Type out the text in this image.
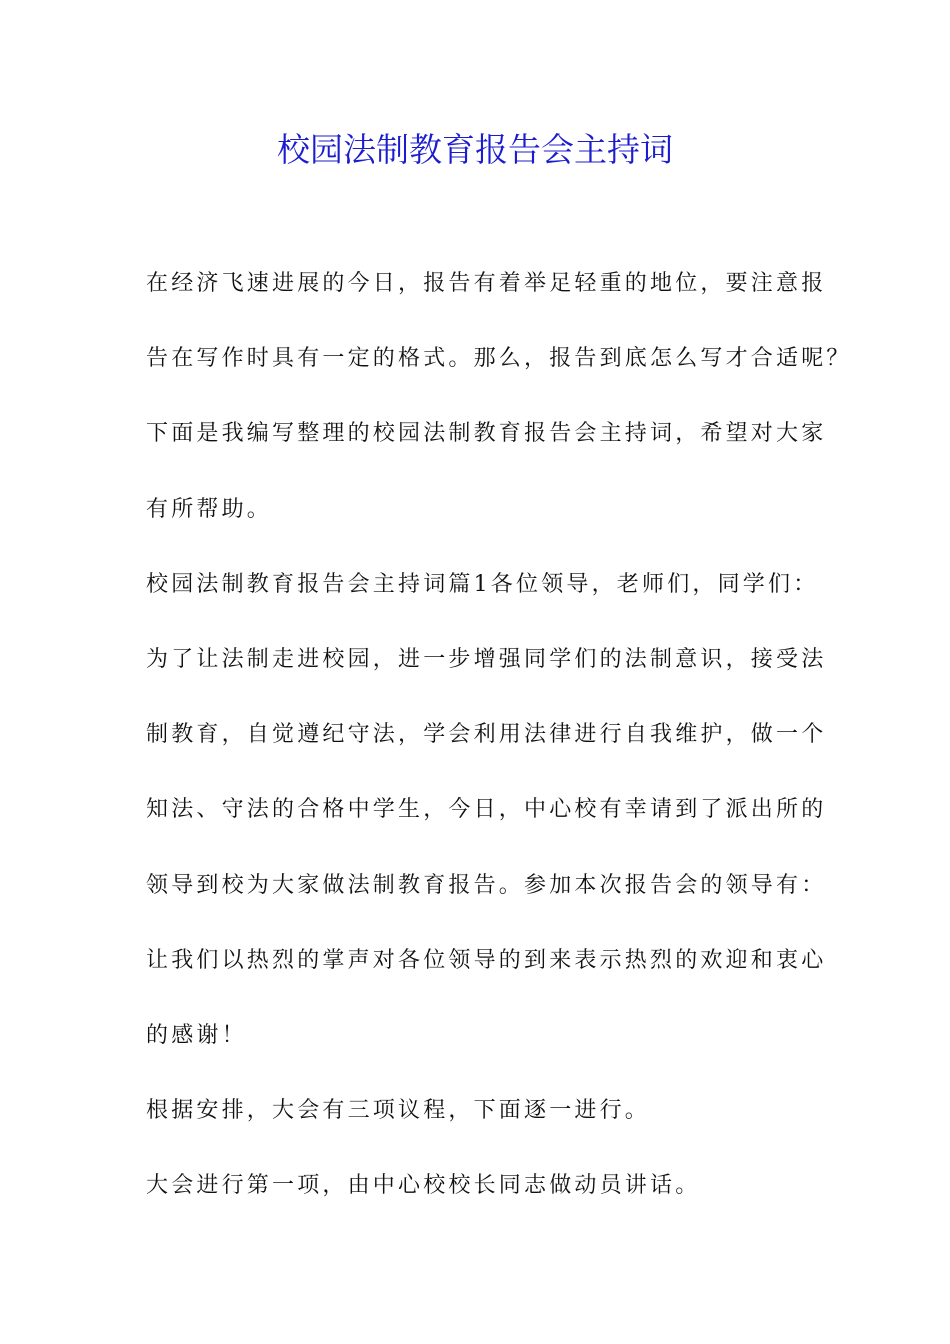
校园法制教育报告会主持词
在经济飞速进展的今日，报告有着举足轻重的地位，要注意报
告在写作时具有一定的格式。那么，报告到底怎么写才合适呢？
下面是我编写整理的校园法制教育报告会主持词，希望对大家
有所帮助。
校园法制教育报告会主持词篇1各位领导，老师们，同学们：
为了让法制走进校园，进一步增强同学们的法制意识，接受法
制教育，自觉遵纪守法，学会利用法律进行自我维护，做一个
知法、守法的合格中学生，今日，中心校有幸请到了派出所的
领导到校为大家做法制教育报告。参加本次报告会的领导有：
让我们以热烈的掌声对各位领导的到来表示热烈的欢迎和衷心
的感谢！
根据安排，大会有三项议程，下面逐一进行。
大会进行第一项，由中心校校长同志做动员讲话。
